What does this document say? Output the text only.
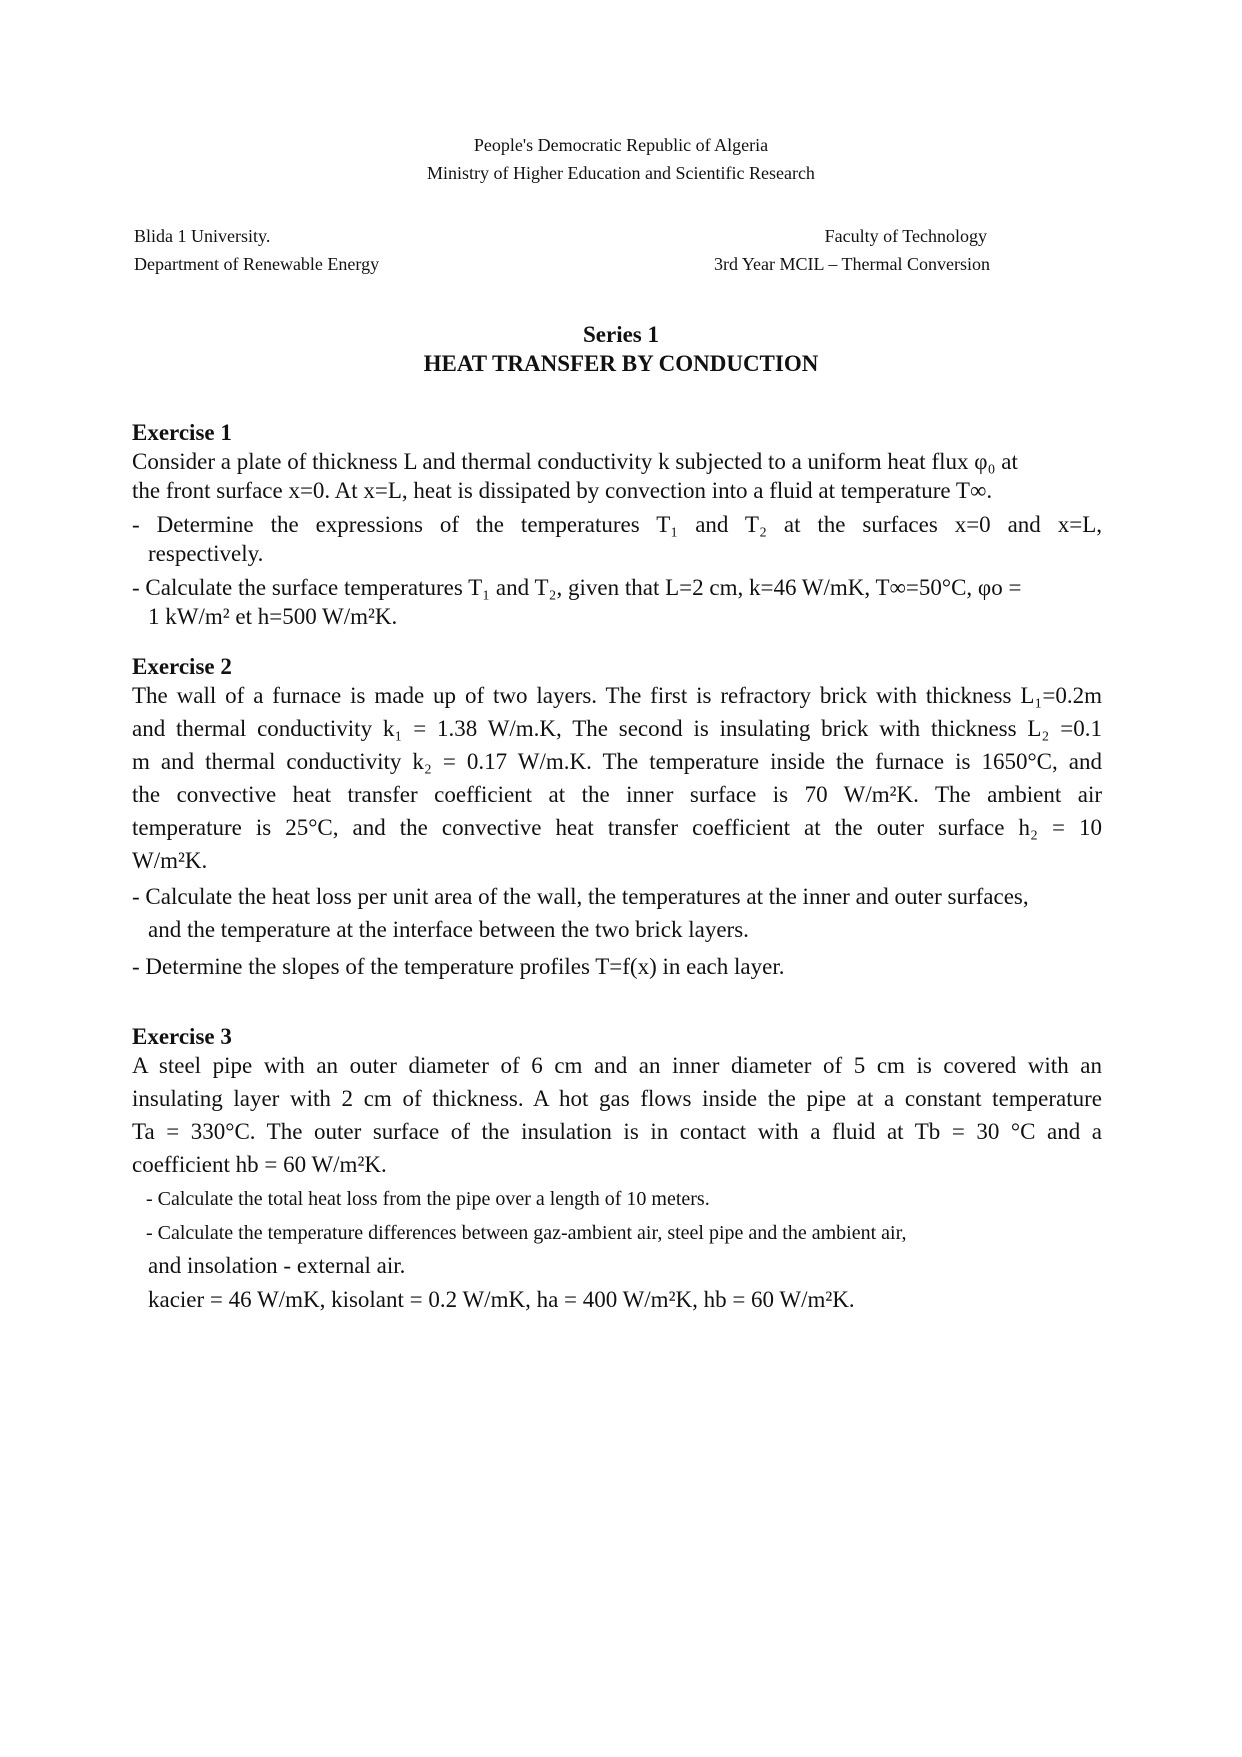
People's Democratic Republic of Algeria
Ministry of Higher Education and Scientific Research
Blida 1 University.
Department of Renewable Energy
Faculty of Technology
3rd Year MCIL – Thermal Conversion
Series 1
HEAT TRANSFER BY CONDUCTION
Exercise 1
Consider a plate of thickness L and thermal conductivity k subjected to a uniform heat flux φ₀ at
the front surface x=0. At x=L, heat is dissipated by convection into a fluid at temperature T∞.
- Determine the expressions of the temperatures T₁ and T₂ at the surfaces x=0 and x=L,
respectively.
- Calculate the surface temperatures T₁ and T₂, given that L=2 cm, k=46 W/mK, T∞=50°C, φo =
1 kW/m² et h=500 W/m²K.
Exercise 2
The wall of a furnace is made up of two layers. The first is refractory brick with thickness L₁=0.2m
and thermal conductivity k₁ = 1.38 W/m.K, The second is insulating brick with thickness L₂ =0.1
m and thermal conductivity k₂ = 0.17 W/m.K. The temperature inside the furnace is 1650°C, and
the convective heat transfer coefficient at the inner surface is 70 W/m²K. The ambient air
temperature is 25°C, and the convective heat transfer coefficient at the outer surface h₂ = 10
W/m²K.
- Calculate the heat loss per unit area of the wall, the temperatures at the inner and outer surfaces,
and the temperature at the interface between the two brick layers.
- Determine the slopes of the temperature profiles T=f(x) in each layer.
Exercise 3
A steel pipe with an outer diameter of 6 cm and an inner diameter of 5 cm is covered with an
insulating layer with 2 cm of thickness. A hot gas flows inside the pipe at a constant temperature
Ta = 330°C. The outer surface of the insulation is in contact with a fluid at Tb = 30 °C and a
coefficient hb = 60 W/m²K.
- Calculate the total heat loss from the pipe over a length of 10 meters.
- Calculate the temperature differences between gaz-ambient air, steel pipe and the ambient air,
and insolation - external air.
kacier = 46 W/mK, kisolant = 0.2 W/mK, ha = 400 W/m²K, hb = 60 W/m²K.
